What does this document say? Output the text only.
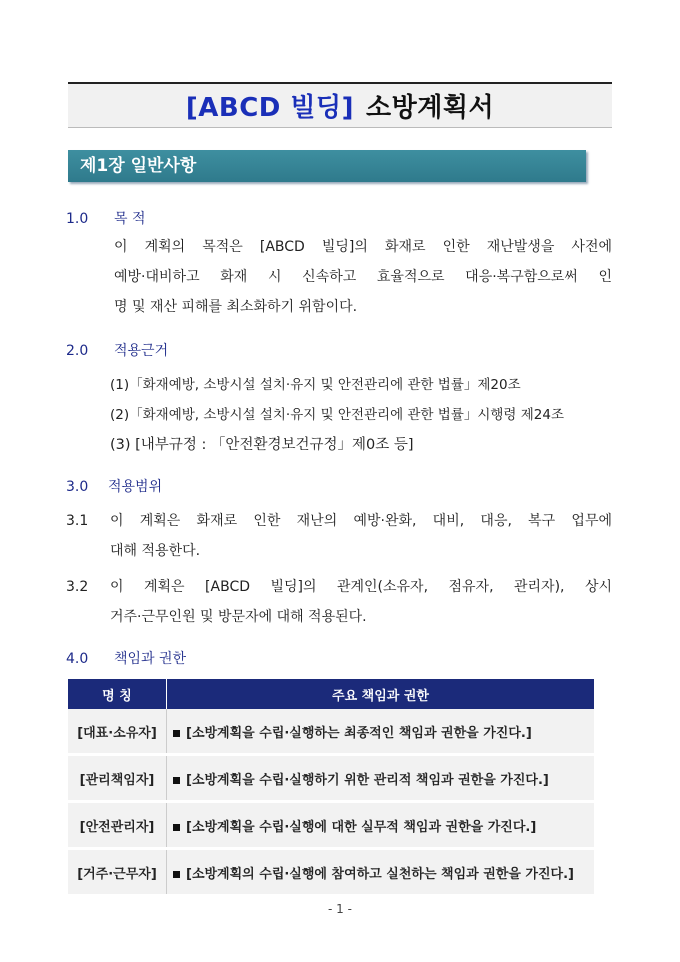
[ABCD 빌딩] 소방계획서
제1장 일반사항
1.0 목 적
이 계획의 목적은 [ABCD 빌딩]의 화재로 인한 재난발생을 사전에
예방·대비하고 화재 시 신속하고 효율적으로 대응·복구함으로써 인
명 및 재산 피해를 최소화하기 위함이다.
2.0 적용근거
(1)「화재예방, 소방시설 설치·유지 및 안전관리에 관한 법률」제20조
(2)「화재예방, 소방시설 설치·유지 및 안전관리에 관한 법률」시행령 제24조
(3) [내부규정 : 「안전환경보건규정」제0조 등]
3.0 적용범위
3.1	이 계획은 화재로 인한 재난의 예방·완화, 대비, 대응, 복구 업무에
대해 적용한다.
3.2	이 계획은 [ABCD 빌딩]의 관계인(소유자, 점유자, 관리자), 상시
거주·근무인원 및 방문자에 대해 적용된다.
4.0 책임과 권한
명 칭	주요 책임과 권한
[대표·소유자]	[소방계획을 수립·실행하는 최종적인 책임과 권한을 가진다.]
[관리책임자]	[소방계획을 수립·실행하기 위한 관리적 책임과 권한을 가진다.]
[안전관리자]	[소방계획을 수립·실행에 대한 실무적 책임과 권한을 가진다.]
[거주·근무자]	[소방계획의 수립·실행에 참여하고 실천하는 책임과 권한을 가진다.]
- 1 -
